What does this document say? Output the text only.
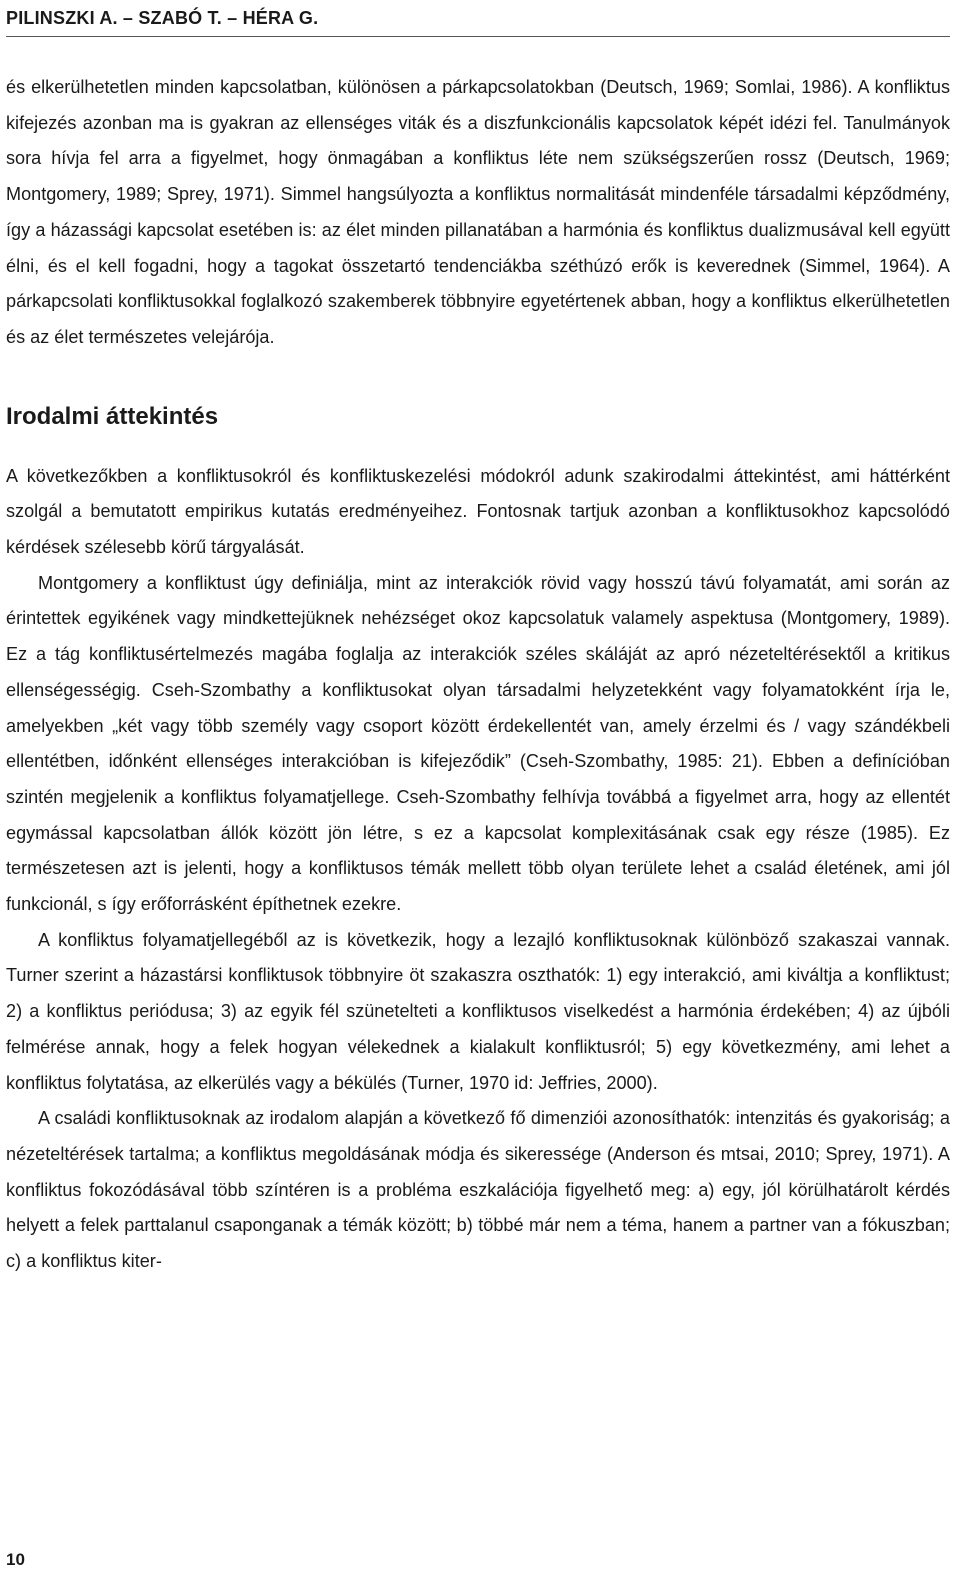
PILINSZKI A. – SZABÓ T. – HÉRA G.

és elkerülhetetlen minden kapcsolatban, különösen a párkapcsolatokban (Deutsch, 1969; Somlai, 1986). A konfliktus kifejezés azonban ma is gyakran az ellenséges viták és a diszfunkcionális kapcsolatok képét idézi fel. Tanulmányok sora hívja fel arra a figyelmet, hogy önmagában a konfliktus léte nem szükségszerűen rossz (Deutsch, 1969; Montgomery, 1989; Sprey, 1971). Simmel hangsúlyozta a konfliktus normalitását mindenféle társadalmi képződmény, így a házassági kapcsolat esetében is: az élet minden pillanatában a harmónia és konfliktus dualizmusával kell együtt élni, és el kell fogadni, hogy a tagokat összetartó tendenciákba széthúzó erők is keverednek (Simmel, 1964). A párkapcsolati konfliktusokkal foglalkozó szakemberek többnyire egyetértenek abban, hogy a konfliktus elkerülhetetlen és az élet természetes velejárója.

Irodalmi áttekintés

A következőkben a konfliktusokról és konfliktuskezelési módokról adunk szakirodalmi áttekintést, ami háttérként szolgál a bemutatott empirikus kutatás eredményeihez. Fontosnak tartjuk azonban a konfliktusokhoz kapcsolódó kérdések szélesebb körű tárgyalását.

Montgomery a konfliktust úgy definiálja, mint az interakciók rövid vagy hosszú távú folyamatát, ami során az érintettek egyikének vagy mindkettejüknek nehézséget okoz kapcsolatuk valamely aspektusa (Montgomery, 1989). Ez a tág konfliktusértelmezés magába foglalja az interakciók széles skáláját az apró nézeteltérésektől a kritikus ellenségességig. Cseh-Szombathy a konfliktusokat olyan társadalmi helyzetekként vagy folyamatokként írja le, amelyekben „két vagy több személy vagy csoport között érdekellentét van, amely érzelmi és / vagy szándékbeli ellentétben, időnként ellenséges interakcióban is kifejeződik” (Cseh-Szombathy, 1985: 21). Ebben a definícióban szintén megjelenik a konfliktus folyamatjellege. Cseh-Szombathy felhívja továbbá a figyelmet arra, hogy az ellentét egymással kapcsolatban állók között jön létre, s ez a kapcsolat komplexitásának csak egy része (1985). Ez természetesen azt is jelenti, hogy a konfliktusos témák mellett több olyan területe lehet a család életének, ami jól funkcionál, s így erőforrásként építhetnek ezekre.

A konfliktus folyamatjellegéből az is következik, hogy a lezajló konfliktusoknak különböző szakaszai vannak. Turner szerint a házastársi konfliktusok többnyire öt szakaszra oszthatók: 1) egy interakció, ami kiváltja a konfliktust; 2) a konfliktus periódusa; 3) az egyik fél szünetelteti a konfliktusos viselkedést a harmónia érdekében; 4) az újbóli felmérése annak, hogy a felek hogyan vélekednek a kialakult konfliktusról; 5) egy következmény, ami lehet a konfliktus folytatása, az elkerülés vagy a békülés (Turner, 1970 id: Jeffries, 2000).

A családi konfliktusoknak az irodalom alapján a következő fő dimenziói azonosíthatók: intenzitás és gyakoriság; a nézeteltérések tartalma; a konfliktus megoldásának módja és sikeressége (Anderson és mtsai, 2010; Sprey, 1971). A konfliktus fokozódásával több színtéren is a probléma eszkalációja figyelhető meg: a) egy, jól körülhatárolt kérdés helyett a felek parttalanul csaponganak a témák között; b) többé már nem a téma, hanem a partner van a fókuszban; c) a konfliktus kiter-

10
